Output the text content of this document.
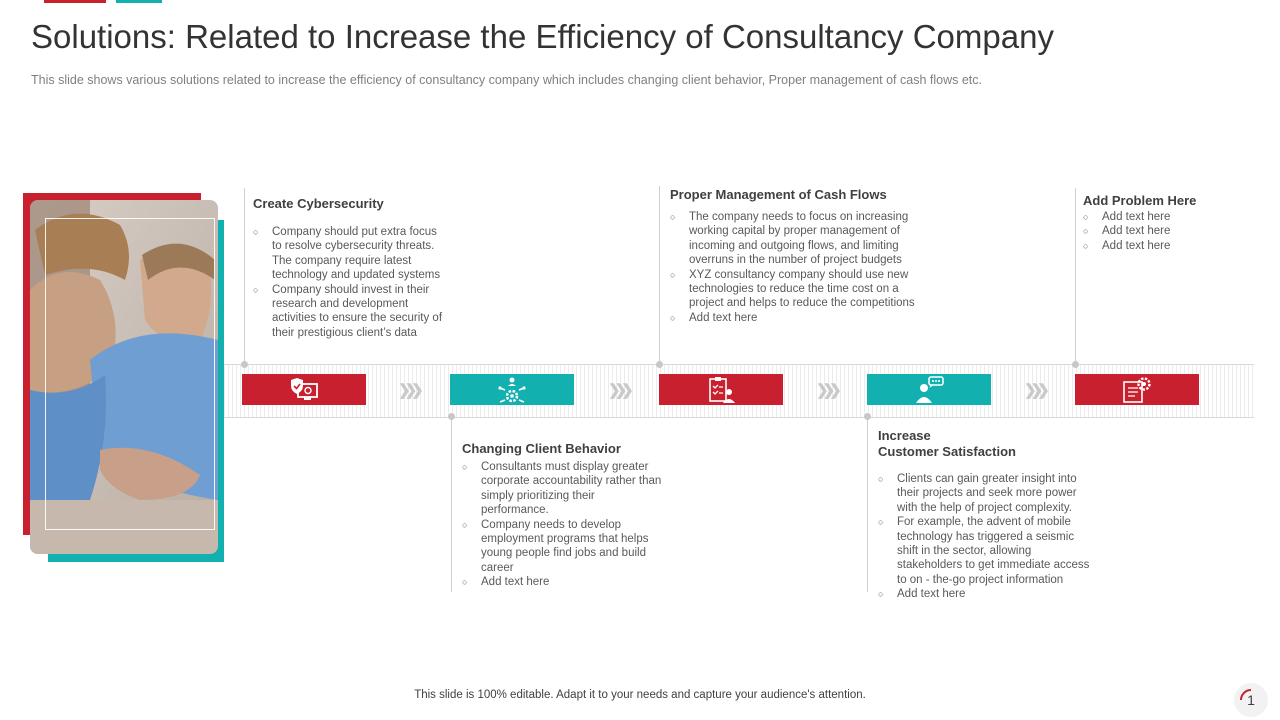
Solutions: Related to Increase the Efficiency of Consultancy Company
This slide shows various solutions related to increase the efficiency of consultancy company which includes changing client behavior, Proper management of cash flows etc.
❯❯❯	❯❯❯	❯❯❯	❯❯❯
Create Cybersecurity
○ Company should put extra focus to resolve cybersecurity threats. The company require latest technology and updated systems
○ Company should invest in their research and development activities to ensure the security of their prestigious client’s data
Proper Management of Cash Flows
○ The company needs to focus on increasing working capital by proper management of incoming and outgoing flows, and limiting overruns in the number of project budgets
○ XYZ consultancy company should use new technologies to reduce the time cost on a project and helps to reduce the competitions
○ Add text here
Add Problem Here
○ Add text here
○ Add text here
○ Add text here
Changing Client Behavior
○ Consultants must display greater corporate accountability rather than simply prioritizing their performance.
○ Company needs to develop employment programs that helps young people find jobs and build career
○ Add text here
Increase
Customer Satisfaction
○ Clients can gain greater insight into their projects and seek more power with the help of project complexity.
○ For example, the advent of mobile technology has triggered a seismic shift in the sector, allowing stakeholders to get immediate access to on - the-go project information
○ Add text here
This slide is 100% editable. Adapt it to your needs and capture your audience's attention.	1
